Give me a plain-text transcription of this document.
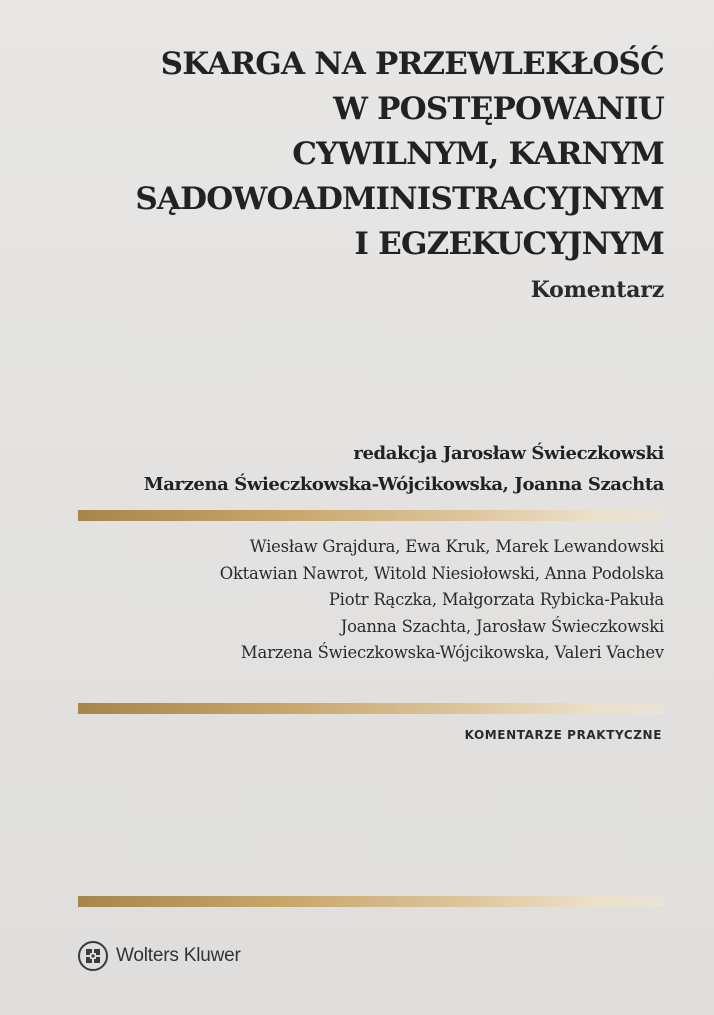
SKARGA NA PRZEWLEKŁOŚĆ
W POSTĘPOWANIU
CYWILNYM, KARNYM
SĄDOWOADMINISTRACYJNYM
I EGZEKUCYJNYM
Komentarz
redakcja Jarosław Świeczkowski
Marzena Świeczkowska-Wójcikowska, Joanna Szachta
Wiesław Grajdura, Ewa Kruk, Marek Lewandowski
Oktawian Nawrot, Witold Niesiołowski, Anna Podolska
Piotr Rączka, Małgorzata Rybicka-Pakuła
Joanna Szachta, Jarosław Świeczkowski
Marzena Świeczkowska-Wójcikowska, Valeri Vachev
KOMENTARZE PRAKTYCZNE
Wolters Kluwer
